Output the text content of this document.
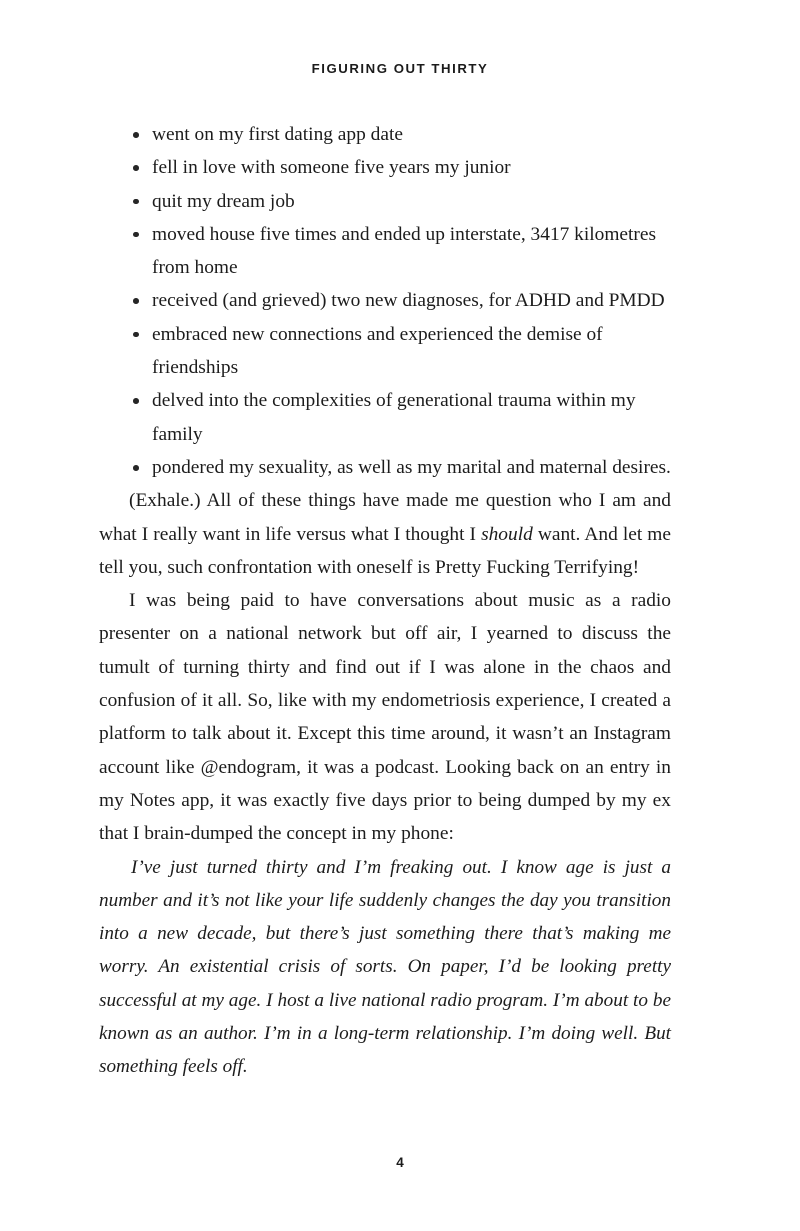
FIGURING OUT THIRTY
went on my first dating app date
fell in love with someone five years my junior
quit my dream job
moved house five times and ended up interstate, 3417 kilometres from home
received (and grieved) two new diagnoses, for ADHD and PMDD
embraced new connections and experienced the demise of friendships
delved into the complexities of generational trauma within my family
pondered my sexuality, as well as my marital and maternal desires.

(Exhale.) All of these things have made me question who I am and what I really want in life versus what I thought I should want. And let me tell you, such confrontation with oneself is Pretty Fucking Terrifying!

I was being paid to have conversations about music as a radio presenter on a national network but off air, I yearned to discuss the tumult of turning thirty and find out if I was alone in the chaos and confusion of it all. So, like with my endometriosis experience, I created a platform to talk about it. Except this time around, it wasn’t an Instagram account like @endogram, it was a podcast. Looking back on an entry in my Notes app, it was exactly five days prior to being dumped by my ex that I brain-dumped the concept in my phone:

I’ve just turned thirty and I’m freaking out. I know age is just a number and it’s not like your life suddenly changes the day you transition into a new decade, but there’s just something there that’s making me worry. An existential crisis of sorts. On paper, I’d be looking pretty successful at my age. I host a live national radio program. I’m about to be known as an author. I’m in a long-term relationship. I’m doing well. But something feels off.

4
